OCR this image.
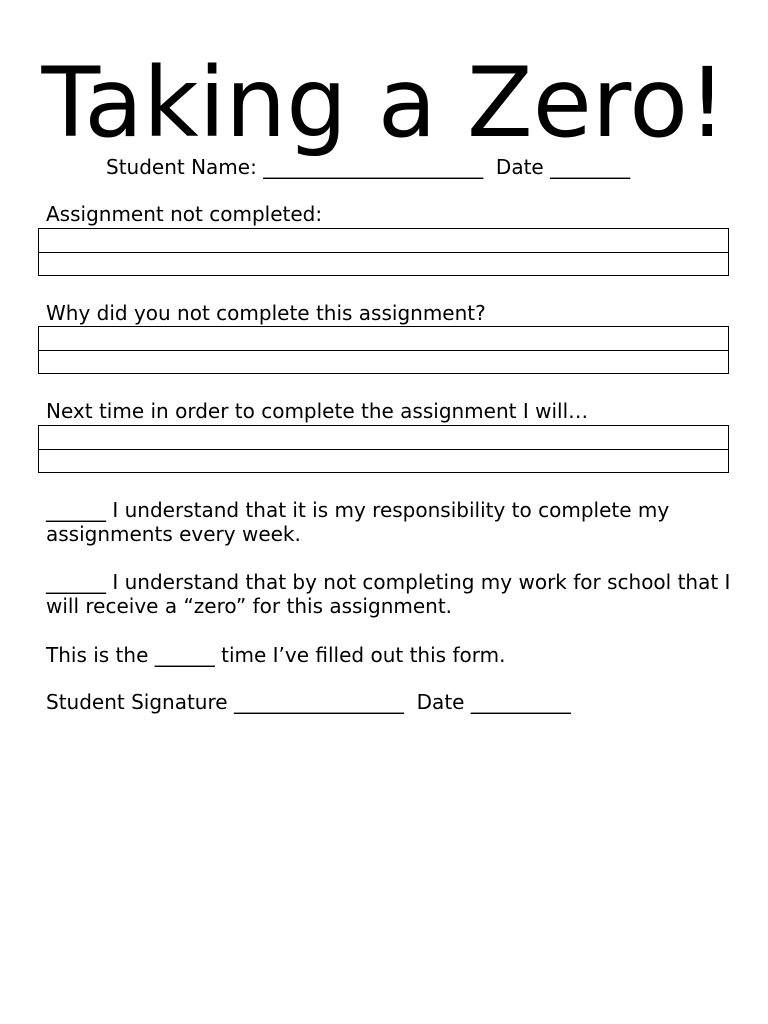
Taking a Zero!
Student Name: ______________________ Date ________
Assignment not completed:
Why did you not complete this assignment?
Next time in order to complete the assignment I will…
______ I understand that it is my responsibility to complete my assignments every week.
______ I understand that by not completing my work for school that I will receive a “zero” for this assignment.
This is the ______ time I’ve filled out this form.
Student Signature _________________ Date __________
